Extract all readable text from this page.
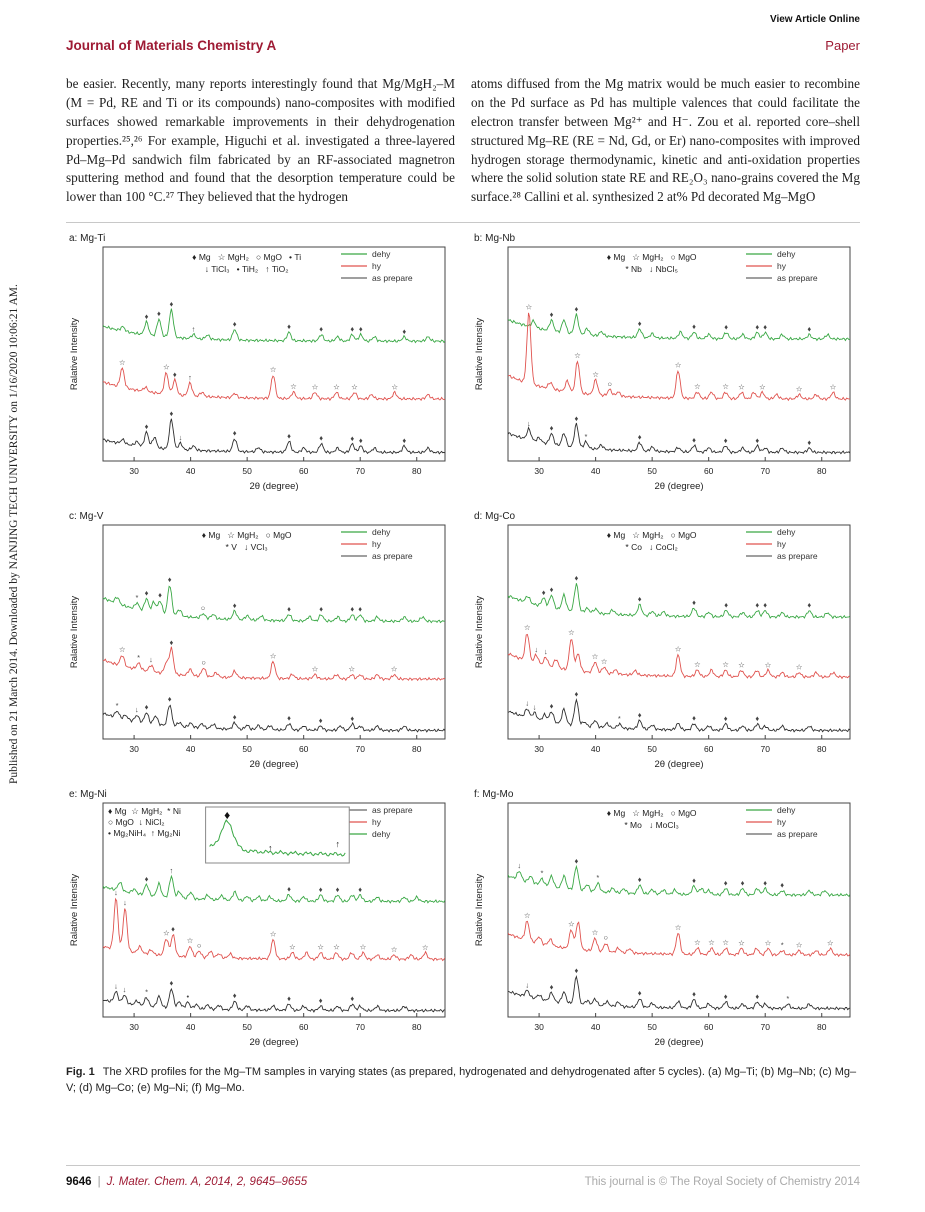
Published on 21 March 2014. Downloaded by NANJING TECH UNIVERSITY on 1/16/2020 10:06:21 AM.
View Article Online
Journal of Materials Chemistry A	Paper
be easier. Recently, many reports interestingly found that Mg/MgH₂–M (M = Pd, RE and Ti or its compounds) nano-composites with modified surfaces showed remarkable improvements in their dehydrogenation properties.²⁵,²⁶ For example, Higuchi et al. investigated a three-layered Pd–Mg–Pd sandwich film fabricated by an RF-associated magnetron sputtering method and found that the desorption temperature could be lower than 100 °C.²⁷ They believed that the hydrogen
atoms diffused from the Mg matrix would be much easier to recombine on the Pd surface as Pd has multiple valences that could facilitate the electron transfer between Mg²⁺ and H⁻. Zou et al. reported core–shell structured Mg–RE (RE = Nd, Gd, or Er) nano-composites with improved hydrogen storage thermodynamic, kinetic and anti-oxidation properties where the solid solution state RE and RE₂O₃ nano-grains covered the Mg surface.²⁸ Callini et al. synthesized 2 at% Pd decorated Mg–MgO
a: Mg-Ti
30	40	50	60	70	80
2θ (degree)
Ralative Intensity
♦ ♦
♦
↑
♦	♦	♦	♦ ♦	♦
☆
☆
♦ ↑
☆
☆ ☆ ☆ ☆	☆
♦
♦
↓
♦	♦	♦	♦ ♦	♦
♦ Mg   ☆ MgH₂   ○ MgO   • Ti
↓ TiCl₃   • TiH₂   ↑ TiO₂
dehy
hy
as prepare
b: Mg-Nb
30	40	50	60	70	80
2θ (degree)
Ralative Intensity
♦
♦
♦	♦	♦	♦ ♦	♦
☆
☆
☆
○
☆
☆	☆ ☆ ☆	☆	☆
↓
♦
♦
*	♦	♦	♦	♦	♦
♦ Mg   ☆ MgH₂   ○ MgO
* Nb   ↓ NbCl₅
dehy
hy
as prepare
c: Mg-V
30	40	50	60	70	80
2θ (degree)
Ralative Intensity	* ♦ ♦
♦
○	♦	♦	♦	♦ ♦
☆
* ↓
♦
○
☆
☆	☆	☆
* ↓ ♦
♦
♦	♦	♦	♦
♦ Mg   ☆ MgH₂   ○ MgO
* V   ↓ VCl₃
dehy
hy
as prepare
d: Mg-Co
30	40	50	60	70	80
2θ (degree)
Ralative Intensity
♦ ♦
♦
♦	♦	♦	♦ ♦	♦
☆
↓ ↓
☆
☆
☆
☆
☆	☆ ☆	☆	☆
↓ ↓ ♦
♦
* ♦	♦	♦	♦
♦ Mg   ☆ MgH₂   ○ MgO
* Co   ↓ CoCl₂
dehy
hy
as prepare
e: Mg-Ni
30	40	50	60	70	80
2θ (degree)
Ralative Intensity	♦
↑
♦	♦ ♦	♦
↓
↓
☆ ♦
☆
○
☆
☆	☆ ☆	☆	☆	☆
↓ ↓ *
♦
•	♦	♦	♦	♦
♦ Mg  ☆ MgH₂  * Ni
○ MgO  ↓ NiCl₂
• Mg₂NiH₄  ↑ Mg₂Ni
as prepare
hy
dehy
♦
↑	↑
f: Mg-Mo
30	40	50	60	70	80
2θ (degree)
Ralative Intensity
↓
*
♦
*	♦	♦	♦ ♦	♦ ♦
☆
☆
☆
○
☆
☆ ☆ ☆ ☆	☆ * ☆	☆
↓	♦
♦
♦	♦	♦	♦	*
♦ Mg   ☆ MgH₂   ○ MgO
* Mo   ↓ MoCl₃
dehy
hy
as prepare
Fig. 1 The XRD profiles for the Mg–TM samples in varying states (as prepared, hydrogenated and dehydrogenated after 5 cycles). (a) Mg–Ti; (b) Mg–Nb; (c) Mg–V; (d) Mg–Co; (e) Mg–Ni; (f) Mg–Mo.
9646 | J. Mater. Chem. A, 2014, 2, 9645–9655	This journal is © The Royal Society of Chemistry 2014
